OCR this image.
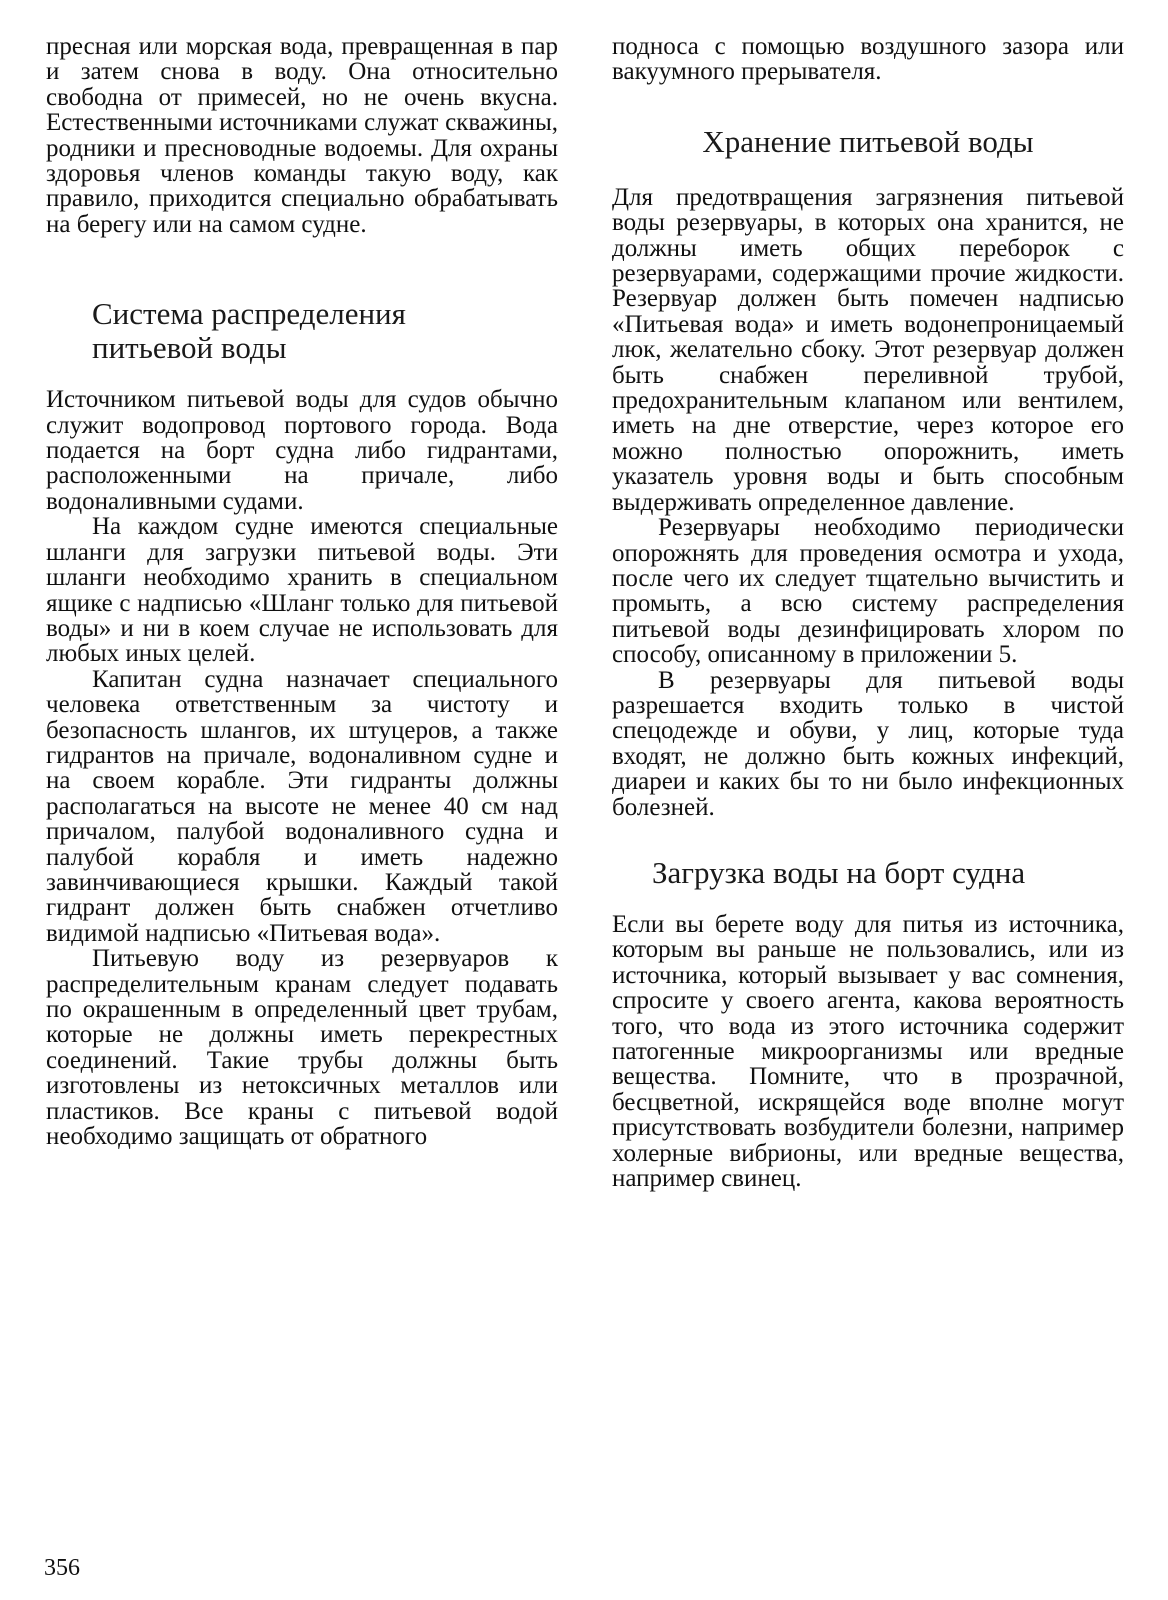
пресная или морская вода, превращенная в пар и затем снова в воду. Она относительно свободна от примесей, но не очень вкусна. Естественными источниками служат скважины, родники и пресноводные водоемы. Для охраны здоровья членов команды такую воду, как правило, приходится специально обрабатывать на берегу или на самом судне.

Система распределения питьевой воды

Источником питьевой воды для судов обычно служит водопровод портового города. Вода подается на борт судна либо гидрантами, расположенными на причале, либо водоналивными судами.

На каждом судне имеются специальные шланги для загрузки питьевой воды. Эти шланги необходимо хранить в специальном ящике с надписью «Шланг только для питьевой воды» и ни в коем случае не использовать для любых иных целей.

Капитан судна назначает специального человека ответственным за чистоту и безопасность шлангов, их штуцеров, а также гидрантов на причале, водоналивном судне и на своем корабле. Эти гидранты должны располагаться на высоте не менее 40 см над причалом, палубой водоналивного судна и палубой корабля и иметь надежно завинчивающиеся крышки. Каждый такой гидрант должен быть снабжен отчетливо видимой надписью «Питьевая вода».

Питьевую воду из резервуаров к распределительным кранам следует подавать по окрашенным в определенный цвет трубам, которые не должны иметь перекрестных соединений. Такие трубы должны быть изготовлены из нетоксичных металлов или пластиков. Все краны с питьевой водой необходимо защищать от обратного

подноса с помощью воздушного зазора или вакуумного прерывателя.

Хранение питьевой воды

Для предотвращения загрязнения питьевой воды резервуары, в которых она хранится, не должны иметь общих переборок с резервуарами, содержащими прочие жидкости. Резервуар должен быть помечен надписью «Питьевая вода» и иметь водонепроницаемый люк, желательно сбоку. Этот резервуар должен быть снабжен переливной трубой, предохранительным клапаном или вентилем, иметь на дне отверстие, через которое его можно полностью опорожнить, иметь указатель уровня воды и быть способным выдерживать определенное давление.

Резервуары необходимо периодически опорожнять для проведения осмотра и ухода, после чего их следует тщательно вычистить и промыть, а всю систему распределения питьевой воды дезинфицировать хлором по способу, описанному в приложении 5.

В резервуары для питьевой воды разрешается входить только в чистой спецодежде и обуви, у лиц, которые туда входят, не должно быть кожных инфекций, диареи и каких бы то ни было инфекционных болезней.

Загрузка воды на борт судна

Если вы берете воду для питья из источника, которым вы раньше не пользовались, или из источника, который вызывает у вас сомнения, спросите у своего агента, какова вероятность того, что вода из этого источника содержит патогенные микроорганизмы или вредные вещества. Помните, что в прозрачной, бесцветной, искрящейся воде вполне могут присутствовать возбудители болезни, например холерные вибрионы, или вредные вещества, например свинец.

356
